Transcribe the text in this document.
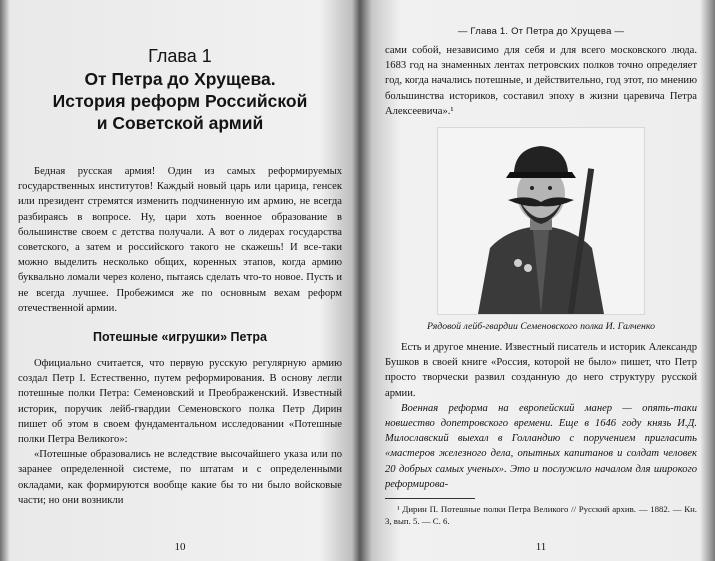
Глава 1
От Петра до Хрущева.
История реформ Российской
и Советской армий

Бедная русская армия! Один из самых реформируемых государственных институтов! Каждый новый царь или царица, генсек или президент стремятся изменить подчиненную им армию, не всегда разбираясь в вопросе. Ну, цари хоть военное образование в большинстве своем с детства получали. А вот о лидерах государства советского, а затем и российского такого не скажешь! И все-таки можно выделить несколько общих, коренных этапов, когда армию буквально ломали через колено, пытаясь сделать что-то новое. Пусть и не всегда лучшее. Пробежимся же по основным вехам реформ отечественной армии.

Потешные «игрушки» Петра

Официально считается, что первую русскую регулярную армию создал Петр I. Естественно, путем реформирования. В основу легли потешные полки Петра: Семеновский и Преображенский. Известный историк, поручик лейб-гвардии Семеновского полка Петр Дирин пишет об этом в своем фундаментальном исследовании «Потешные полки Петра Великого»:

«Потешные образовались не вследствие высочайшего указа или по заранее определенной системе, по штатам и с определенными окладами, как формируются вообще какие бы то ни было войсковые части; но они возникли

10
— Глава 1. От Петра до Хрущева —

сами собой, независимо для себя и для всего московского люда. 1683 год на знаменных лентах петровских полков точно определяет год, когда начались потешные, и действительно, год этот, по мнению большинства историков, составил эпоху в жизни царевича Петра Алексеевича».¹

Рядовой лейб-гвардии Семеновского полка И. Галченко

Есть и другое мнение. Известный писатель и историк Александр Бушков в своей книге «Россия, которой не было» пишет, что Петр просто творчески развил созданную до него структуру русской армии.

Военная реформа на европейский манер — опять-таки новшество допетровского времени. Еще в 1646 году князь И.Д. Милославский выехал в Голландию с поручением пригласить «мастеров железного дела, опытных капитанов и солдат человек 20 добрых самых ученых». Это и послужило началом для широкого реформирова-

¹ Дирин П. Потешные полки Петра Великого // Русский архив. — 1882. — Кн. 3, вып. 5. — С. 6.

11
